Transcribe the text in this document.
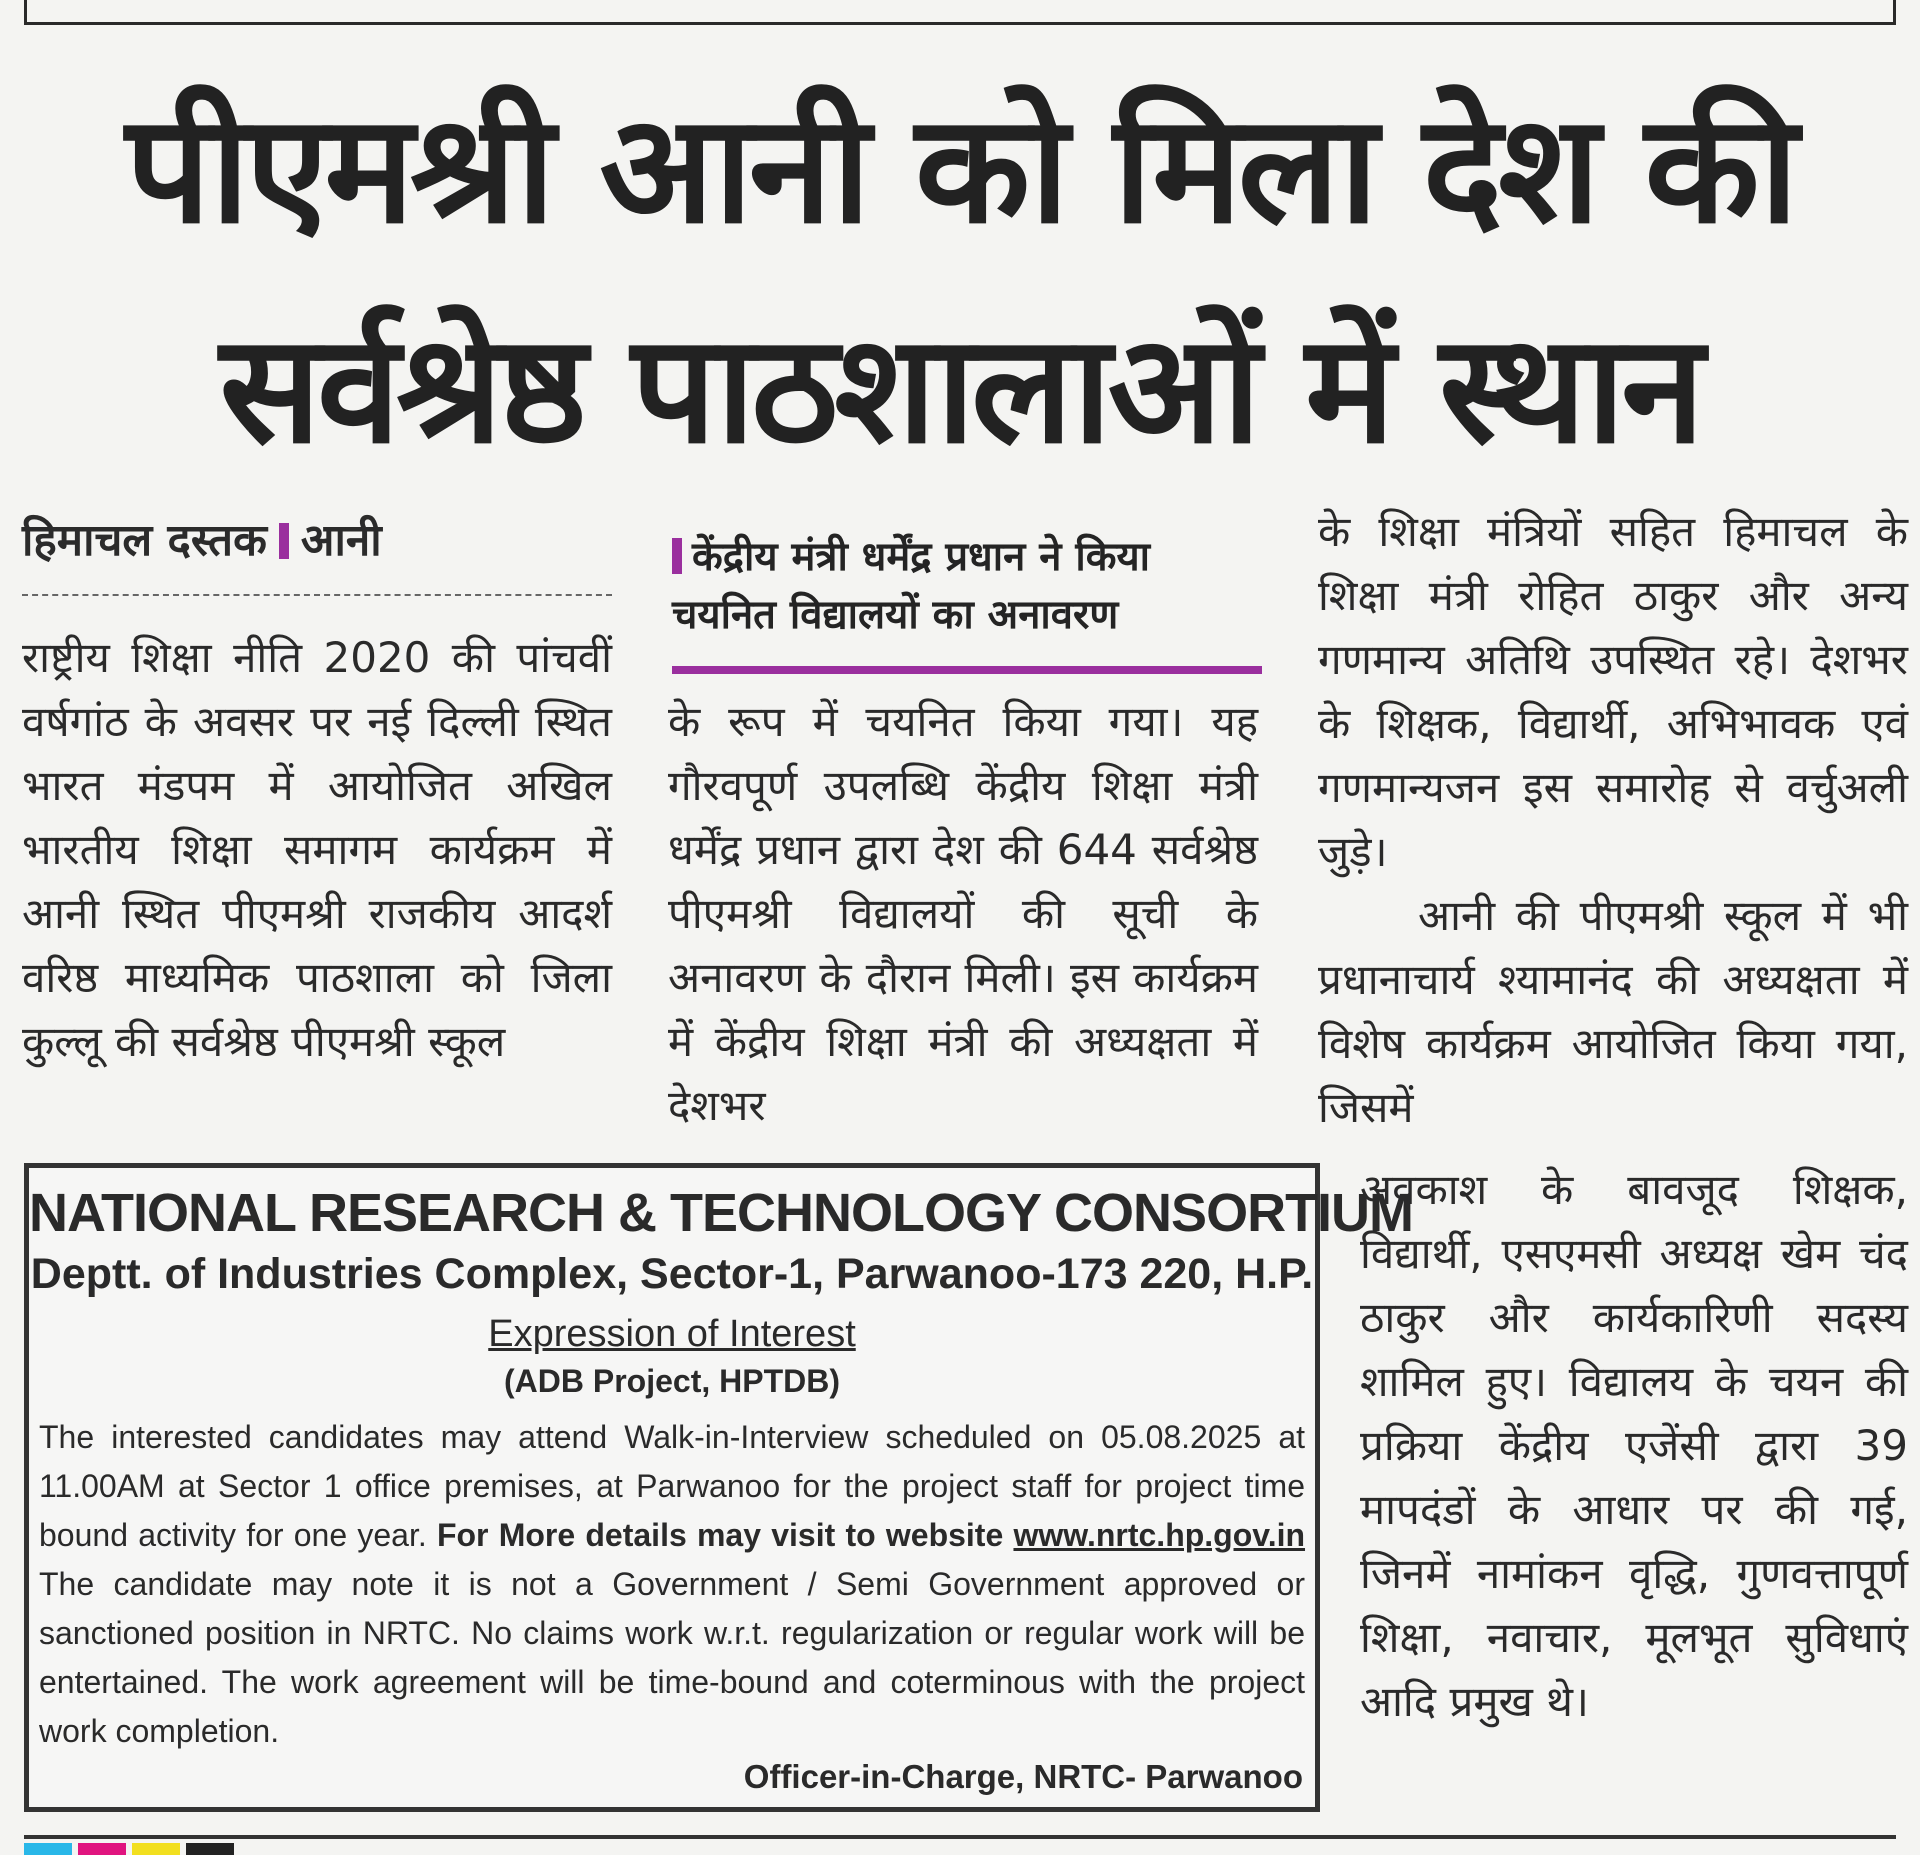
पीएमश्री आनी को मिला देश की
सर्वश्रेष्ठ पाठशालाओं में स्थान
हिमाचल दस्तक आनी	केंद्रीय मंत्री धर्मेंद्र प्रधान ने किया चयनित विद्यालयों का अनावरण
राष्ट्रीय शिक्षा नीति 2020 की पांचवीं वर्षगांठ के अवसर पर नई दिल्ली स्थित भारत मंडपम में आयोजित अखिल भारतीय शिक्षा समागम कार्यक्रम में आनी स्थित पीएमश्री राजकीय आदर्श वरिष्ठ माध्यमिक पाठशाला को जिला कुल्लू की सर्वश्रेष्ठ पीएमश्री स्कूल
के रूप में चयनित किया गया। यह गौरवपूर्ण उपलब्धि केंद्रीय शिक्षा मंत्री धर्मेंद्र प्रधान द्वारा देश की 644 सर्वश्रेष्ठ पीएमश्री विद्यालयों की सूची के अनावरण के दौरान मिली। इस कार्यक्रम में केंद्रीय शिक्षा मंत्री की अध्यक्षता में देशभर
के शिक्षा मंत्रियों सहित हिमाचल के शिक्षा मंत्री रोहित ठाकुर और अन्य गणमान्य अतिथि उपस्थित रहे। देशभर के शिक्षक, विद्यार्थी, अभिभावक एवं गणमान्यजन इस समारोह से वर्चुअली जुड़े।
आनी की पीएमश्री स्कूल में भी प्रधानाचार्य श्यामानंद की अध्यक्षता में विशेष कार्यक्रम आयोजित किया गया, जिसमें
अवकाश के बावजूद शिक्षक, विद्यार्थी, एसएमसी अध्यक्ष खेम चंद ठाकुर और कार्यकारिणी सदस्य शामिल हुए। विद्यालय के चयन की प्रक्रिया केंद्रीय एजेंसी द्वारा 39 मापदंडों के आधार पर की गई, जिनमें नामांकन वृद्धि, गुणवत्तापूर्ण शिक्षा, नवाचार, मूलभूत सुविधाएं आदि प्रमुख थे।
NATIONAL RESEARCH & TECHNOLOGY CONSORTIUM
Deptt. of Industries Complex, Sector-1, Parwanoo-173 220, H.P.
Expression of Interest
(ADB Project, HPTDB)
The interested candidates may attend Walk-in-Interview scheduled on 05.08.2025 at 11.00AM at Sector 1 office premises, at Parwanoo for the project staff for project time bound activity for one year. For More details may visit to website www.nrtc.hp.gov.in The candidate may note it is not a Government / Semi Government approved or sanctioned position in NRTC. No claims work w.r.t. regularization or regular work will be entertained. The work agreement will be time-bound and coterminous with the project work completion.
Officer-in-Charge, NRTC- Parwanoo
